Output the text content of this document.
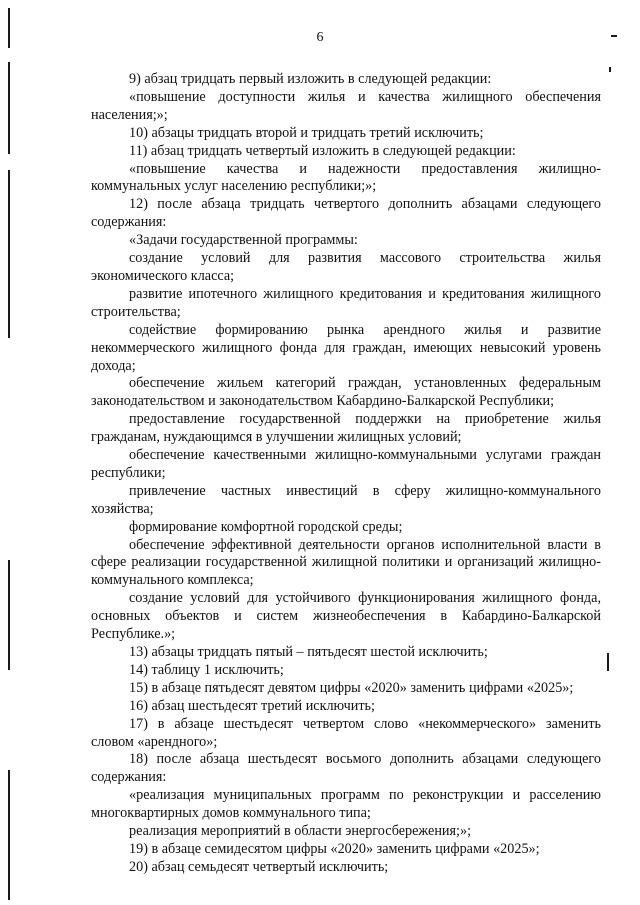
6

9) абзац тридцать первый изложить в следующей редакции:

«повышение доступности жилья и качества жилищного обеспечения населения;»;

10) абзацы тридцать второй и тридцать третий исключить;

11) абзац тридцать четвертый изложить в следующей редакции:

«повышение качества и надежности предоставления жилищно-коммунальных услуг населению республики;»;

12) после абзаца тридцать четвертого дополнить абзацами следующего содержания:

«Задачи государственной программы:

создание условий для развития массового строительства жилья экономического класса;

развитие ипотечного жилищного кредитования и кредитования жилищного строительства;

содействие формированию рынка арендного жилья и развитие некоммерческого жилищного фонда для граждан, имеющих невысокий уровень дохода;

обеспечение жильем категорий граждан, установленных федеральным законодательством и законодательством Кабардино-Балкарской Республики;

предоставление государственной поддержки на приобретение жилья гражданам, нуждающимся в улучшении жилищных условий;

обеспечение качественными жилищно-коммунальными услугами граждан республики;

привлечение частных инвестиций в сферу жилищно-коммунального хозяйства;

формирование комфортной городской среды;

обеспечение эффективной деятельности органов исполнительной власти в сфере реализации государственной жилищной политики и организаций жилищно-коммунального комплекса;

создание условий для устойчивого функционирования жилищного фонда, основных объектов и систем жизнеобеспечения в Кабардино-Балкарской Республике.»;

13) абзацы тридцать пятый – пятьдесят шестой исключить;

14) таблицу 1 исключить;

15) в абзаце пятьдесят девятом цифры «2020» заменить цифрами «2025»;

16) абзац шестьдесят третий исключить;

17) в абзаце шестьдесят четвертом слово «некоммерческого» заменить словом «арендного»;

18) после абзаца шестьдесят восьмого дополнить абзацами следующего содержания:

«реализация муниципальных программ по реконструкции и расселению многоквартирных домов коммунального типа;

реализация мероприятий в области энергосбережения;»;

19) в абзаце семидесятом цифры «2020» заменить цифрами «2025»;

20) абзац семьдесят четвертый исключить;
